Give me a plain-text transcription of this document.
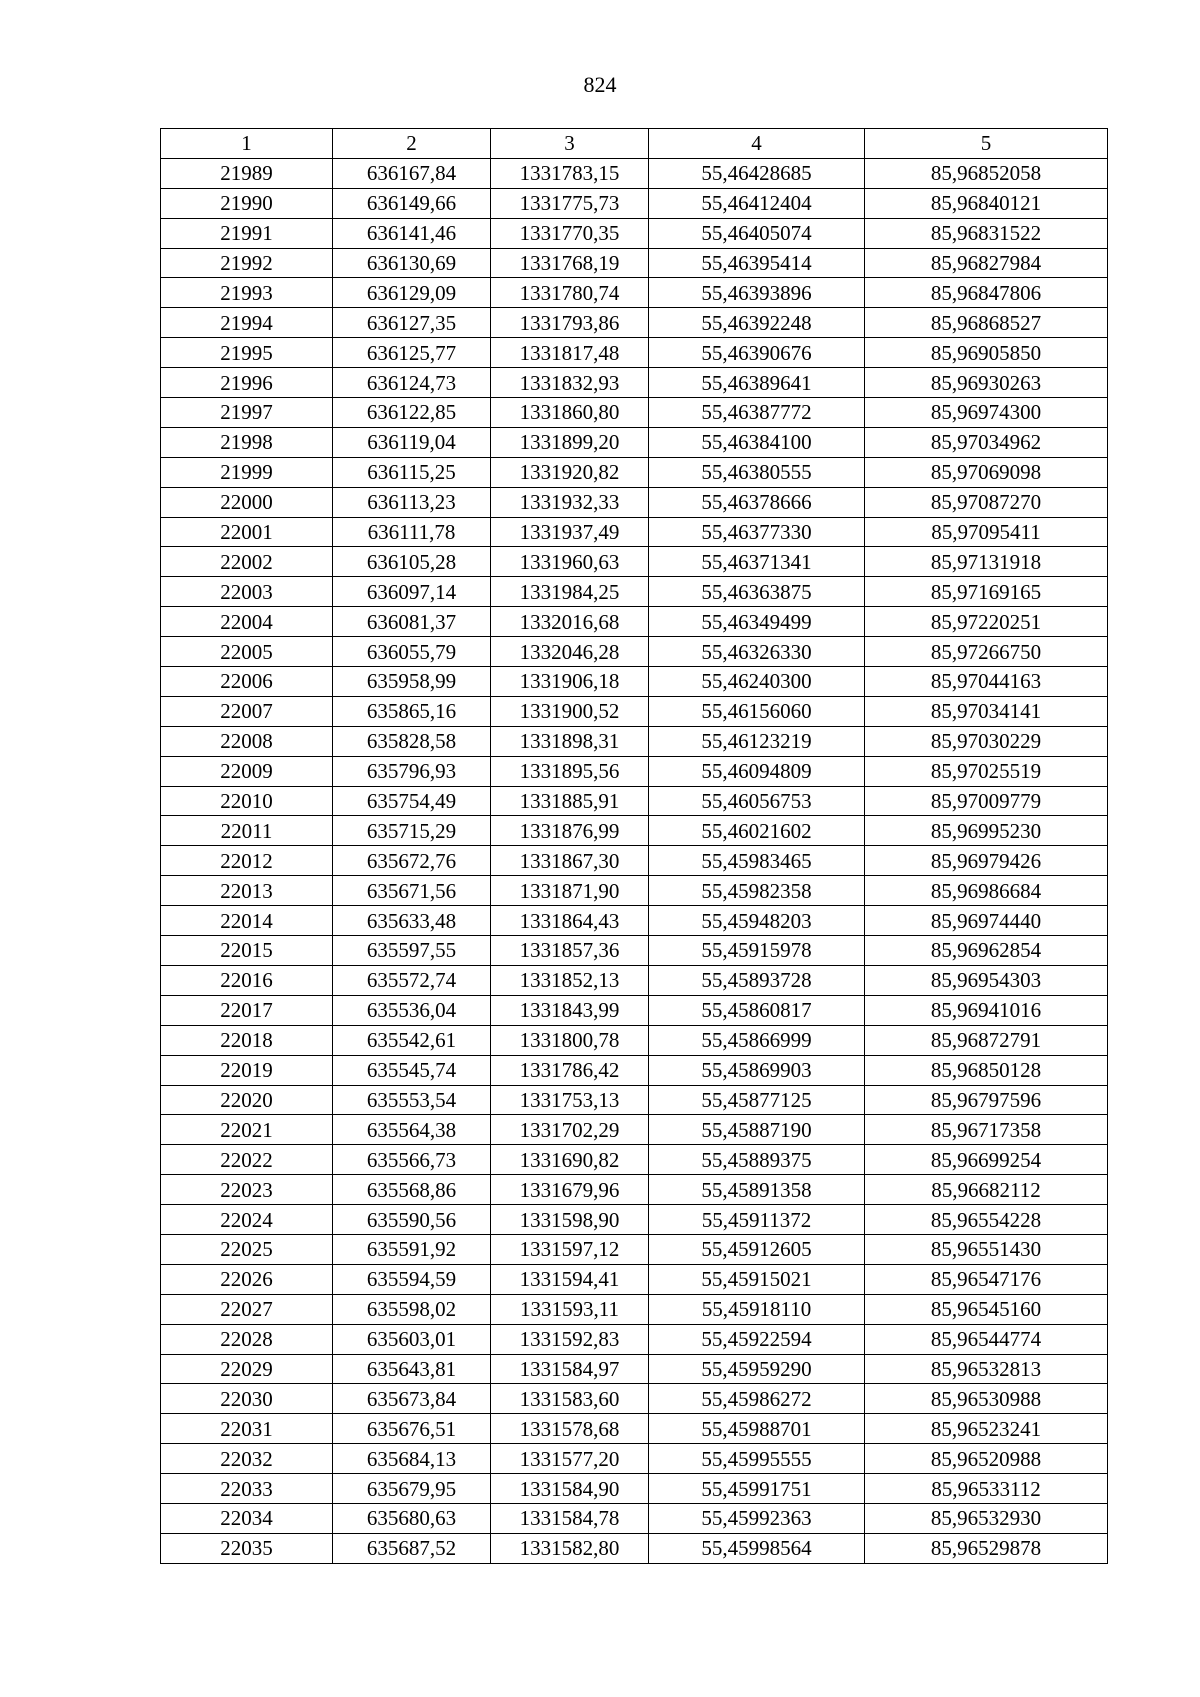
824
1	2	3	4	5
21989	636167,84	1331783,15	55,46428685	85,96852058
21990	636149,66	1331775,73	55,46412404	85,96840121
21991	636141,46	1331770,35	55,46405074	85,96831522
21992	636130,69	1331768,19	55,46395414	85,96827984
21993	636129,09	1331780,74	55,46393896	85,96847806
21994	636127,35	1331793,86	55,46392248	85,96868527
21995	636125,77	1331817,48	55,46390676	85,96905850
21996	636124,73	1331832,93	55,46389641	85,96930263
21997	636122,85	1331860,80	55,46387772	85,96974300
21998	636119,04	1331899,20	55,46384100	85,97034962
21999	636115,25	1331920,82	55,46380555	85,97069098
22000	636113,23	1331932,33	55,46378666	85,97087270
22001	636111,78	1331937,49	55,46377330	85,97095411
22002	636105,28	1331960,63	55,46371341	85,97131918
22003	636097,14	1331984,25	55,46363875	85,97169165
22004	636081,37	1332016,68	55,46349499	85,97220251
22005	636055,79	1332046,28	55,46326330	85,97266750
22006	635958,99	1331906,18	55,46240300	85,97044163
22007	635865,16	1331900,52	55,46156060	85,97034141
22008	635828,58	1331898,31	55,46123219	85,97030229
22009	635796,93	1331895,56	55,46094809	85,97025519
22010	635754,49	1331885,91	55,46056753	85,97009779
22011	635715,29	1331876,99	55,46021602	85,96995230
22012	635672,76	1331867,30	55,45983465	85,96979426
22013	635671,56	1331871,90	55,45982358	85,96986684
22014	635633,48	1331864,43	55,45948203	85,96974440
22015	635597,55	1331857,36	55,45915978	85,96962854
22016	635572,74	1331852,13	55,45893728	85,96954303
22017	635536,04	1331843,99	55,45860817	85,96941016
22018	635542,61	1331800,78	55,45866999	85,96872791
22019	635545,74	1331786,42	55,45869903	85,96850128
22020	635553,54	1331753,13	55,45877125	85,96797596
22021	635564,38	1331702,29	55,45887190	85,96717358
22022	635566,73	1331690,82	55,45889375	85,96699254
22023	635568,86	1331679,96	55,45891358	85,96682112
22024	635590,56	1331598,90	55,45911372	85,96554228
22025	635591,92	1331597,12	55,45912605	85,96551430
22026	635594,59	1331594,41	55,45915021	85,96547176
22027	635598,02	1331593,11	55,45918110	85,96545160
22028	635603,01	1331592,83	55,45922594	85,96544774
22029	635643,81	1331584,97	55,45959290	85,96532813
22030	635673,84	1331583,60	55,45986272	85,96530988
22031	635676,51	1331578,68	55,45988701	85,96523241
22032	635684,13	1331577,20	55,45995555	85,96520988
22033	635679,95	1331584,90	55,45991751	85,96533112
22034	635680,63	1331584,78	55,45992363	85,96532930
22035	635687,52	1331582,80	55,45998564	85,96529878
